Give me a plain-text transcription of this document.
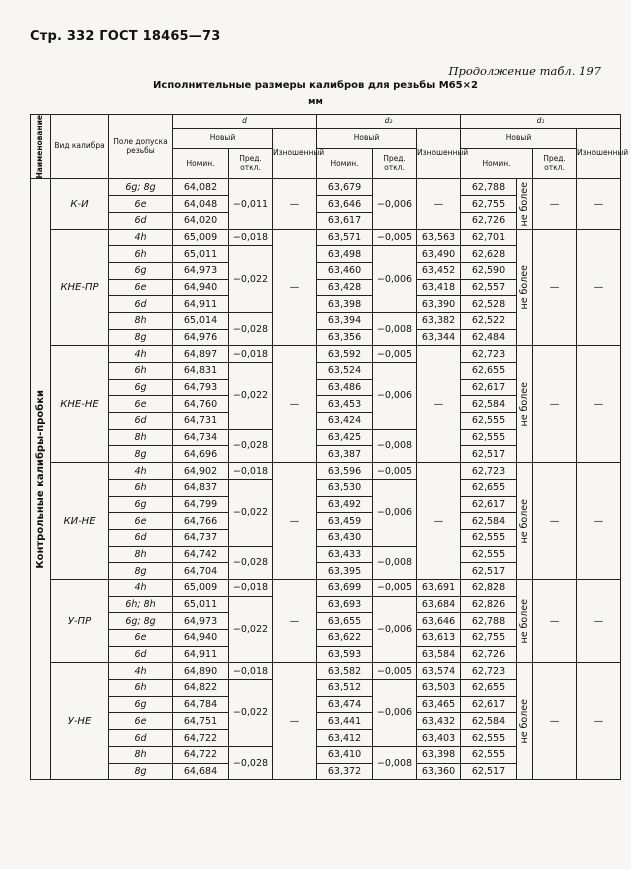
Стр. 332 ГОСТ 18465—73
Продолжение табл. 197
Исполнительные размеры калибров для резьбы М65×2
мм
Наименование	Вид калибра	Поле допуска резьбы	d			d₂			d₁			
			Новый		Изношенный	Новый		Изношенный	Новый			Изношенный
			Номин.	Пред. откл.		Номин.	Пред. откл.		Номин.		Пред. откл.	

Контрольные калибры-пробки	К-И	6g; 8g	64,082	−0,011	—	63,679	−0,006	—	62,788	не более	—	—
		6e	64,048			63,646			62,755			
		6d	64,020			63,617			62,726			
	КНЕ-ПР	4h	65,009	−0,018	—	63,571	−0,005	63,563	62,701	не более	—	—
		6h	65,011	−0,022		63,498	−0,006	63,490	62,628			
		6g	64,973			63,460		63,452	62,590			
		6e	64,940			63,428		63,418	62,557			
		6d	64,911			63,398		63,390	62,528			
		8h	65,014	−0,028		63,394	−0,008	63,382	62,522			
		8g	64,976			63,356		63,344	62,484			
	КНЕ-НЕ	4h	64,897	−0,018	—	63,592	−0,005	—	62,723	не более	—	—
		6h	64,831	−0,022		63,524	−0,006		62,655			
		6g	64,793			63,486			62,617			
		6e	64,760			63,453			62,584			
		6d	64,731			63,424			62,555			
		8h	64,734	−0,028		63,425	−0,008		62,555			
		8g	64,696			63,387			62,517			
	КИ-НЕ	4h	64,902	−0,018	—	63,596	−0,005	—	62,723	не более	—	—
		6h	64,837	−0,022		63,530	−0,006		62,655			
		6g	64,799			63,492			62,617			
		6e	64,766			63,459			62,584			
		6d	64,737			63,430			62,555			
		8h	64,742	−0,028		63,433	−0,008		62,555			
		8g	64,704			63,395			62,517			
	У-ПР	4h	65,009	−0,018	—	63,699	−0,005	63,691	62,828	не более	—	—
		6h; 8h	65,011	−0,022		63,693	−0,006	63,684	62,826			
		6g; 8g	64,973			63,655		63,646	62,788			
		6e	64,940			63,622		63,613	62,755			
		6d	64,911			63,593		63,584	62,726			
	У-НЕ	4h	64,890	−0,018	—	63,582	−0,005	63,574	62,723	не более	—	—
		6h	64,822	−0,022		63,512	−0,006	63,503	62,655			
		6g	64,784			63,474		63,465	62,617			
		6e	64,751			63,441		63,432	62,584			
		6d	64,722			63,412		63,403	62,555			
		8h	64,722	−0,028		63,410	−0,008	63,398	62,555			
		8g	64,684			63,372		63,360	62,517			
